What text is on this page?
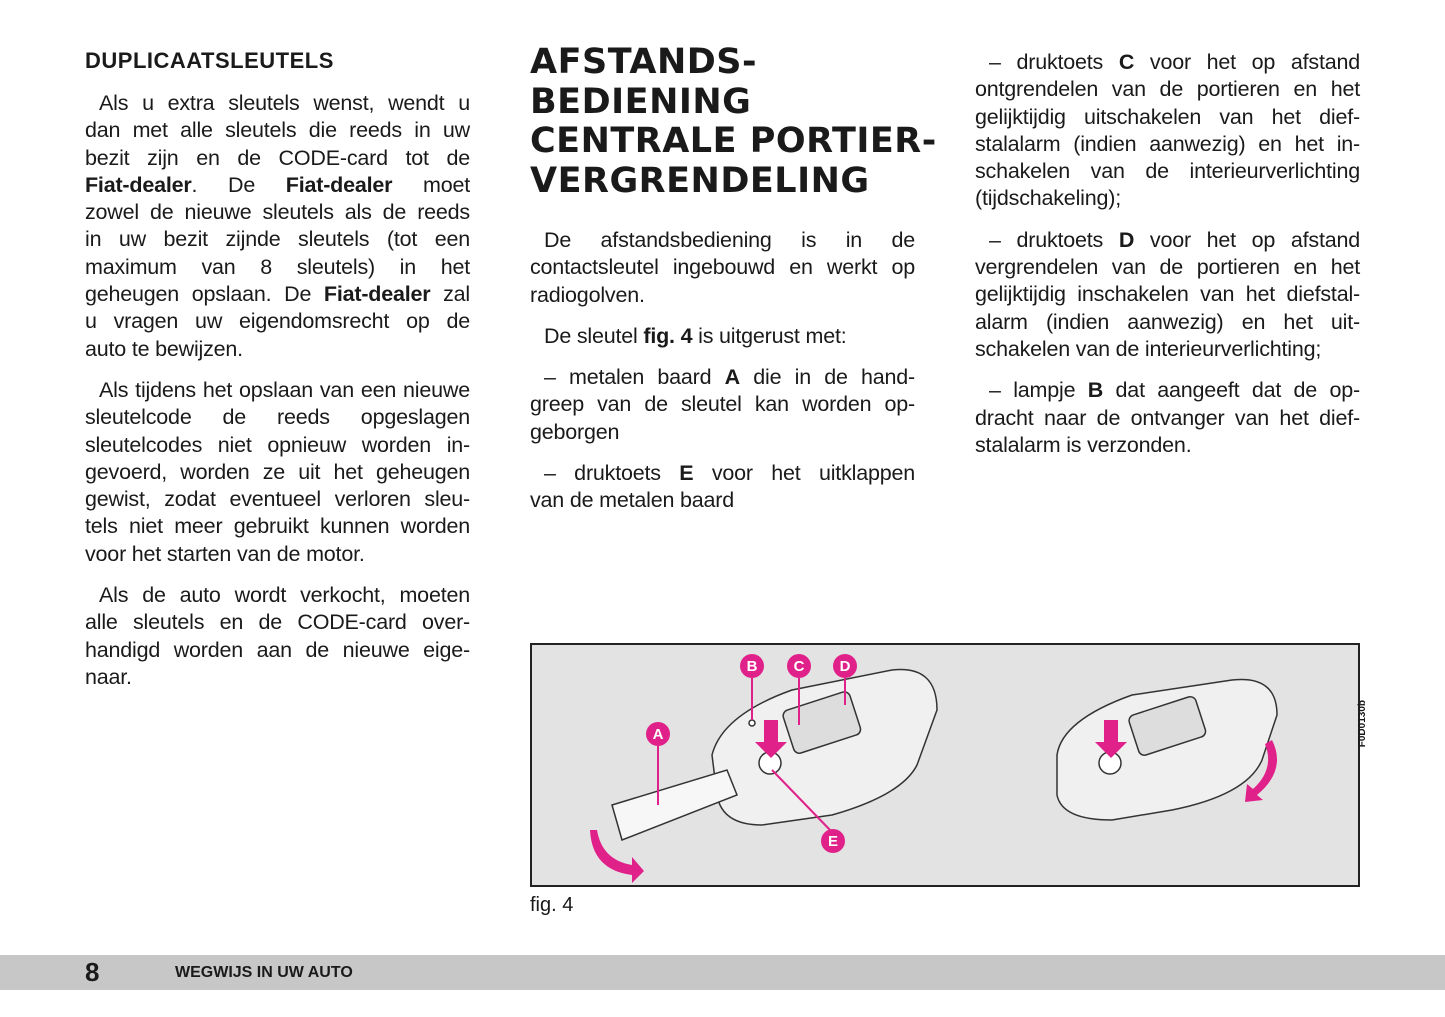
DUPLICAATSLEUTELS
Als u extra sleutels wenst, wendt u
dan met alle sleutels die reeds in uw
bezit zijn en de CODE-card tot de
Fiat-dealer. De Fiat-dealer moet
zowel de nieuwe sleutels als de reeds
in uw bezit zijnde sleutels (tot een
maximum van 8 sleutels) in het
geheugen opslaan. De Fiat-dealer zal
u vragen uw eigendomsrecht op de
auto te bewijzen.
Als tijdens het opslaan van een nieuwe
sleutelcode de reeds opgeslagen
sleutelcodes niet opnieuw worden in-
gevoerd, worden ze uit het geheugen
gewist, zodat eventueel verloren sleu-
tels niet meer gebruikt kunnen worden
voor het starten van de motor.
Als de auto wordt verkocht, moeten
alle sleutels en de CODE-card over-
handigd worden aan de nieuwe eige-
naar.
AFSTANDS-
BEDIENING
CENTRALE PORTIER-
VERGRENDELING
De afstandsbediening is in de
contactsleutel ingebouwd en werkt op
radiogolven.
De sleutel fig. 4 is uitgerust met:
– metalen baard A die in de hand-
greep van de sleutel kan worden op-
geborgen
– druktoets E voor het uitklappen
van de metalen baard
– druktoets C voor het op afstand
ontgrendelen van de portieren en het
gelijktijdig uitschakelen van het dief-
stalalarm (indien aanwezig) en het in-
schakelen van de interieurverlichting
(tijdschakeling);
– druktoets D voor het op afstand
vergrendelen van de portieren en het
gelijktijdig inschakelen van het diefstal-
alarm (indien aanwezig) en het uit-
schakelen van de interieurverlichting;
– lampje B dat aangeeft dat de op-
dracht naar de ontvanger van het dief-
stalalarm is verzonden.
A
B C D
E
F0D0130b
fig. 4
8	WEGWIJS IN UW AUTO
